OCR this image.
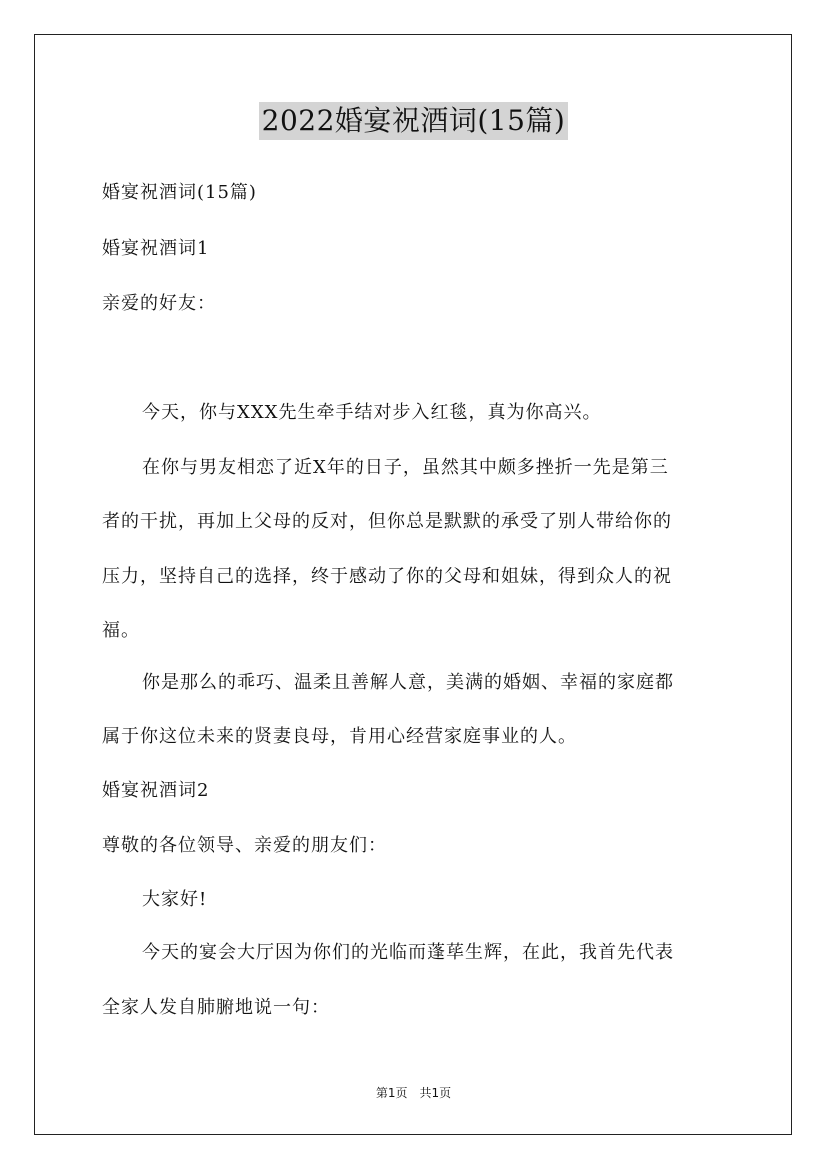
2022婚宴祝酒词(15篇)
婚宴祝酒词(15篇)
婚宴祝酒词1
亲爱的好友：
今天，你与XXX先生牵手结对步入红毯，真为你高兴。
在你与男友相恋了近X年的日子，虽然其中颇多挫折一先是第三
者的干扰，再加上父母的反对，但你总是默默的承受了别人带给你的
压力，坚持自己的选择，终于感动了你的父母和姐妹，得到众人的祝
福。
你是那么的乖巧、温柔且善解人意，美满的婚姻、幸福的家庭都
属于你这位未来的贤妻良母，肯用心经营家庭事业的人。
婚宴祝酒词2
尊敬的各位领导、亲爱的朋友们：
大家好!
今天的宴会大厅因为你们的光临而蓬荜生辉，在此，我首先代表
全家人发自肺腑地说一句：
第1页　共1页
